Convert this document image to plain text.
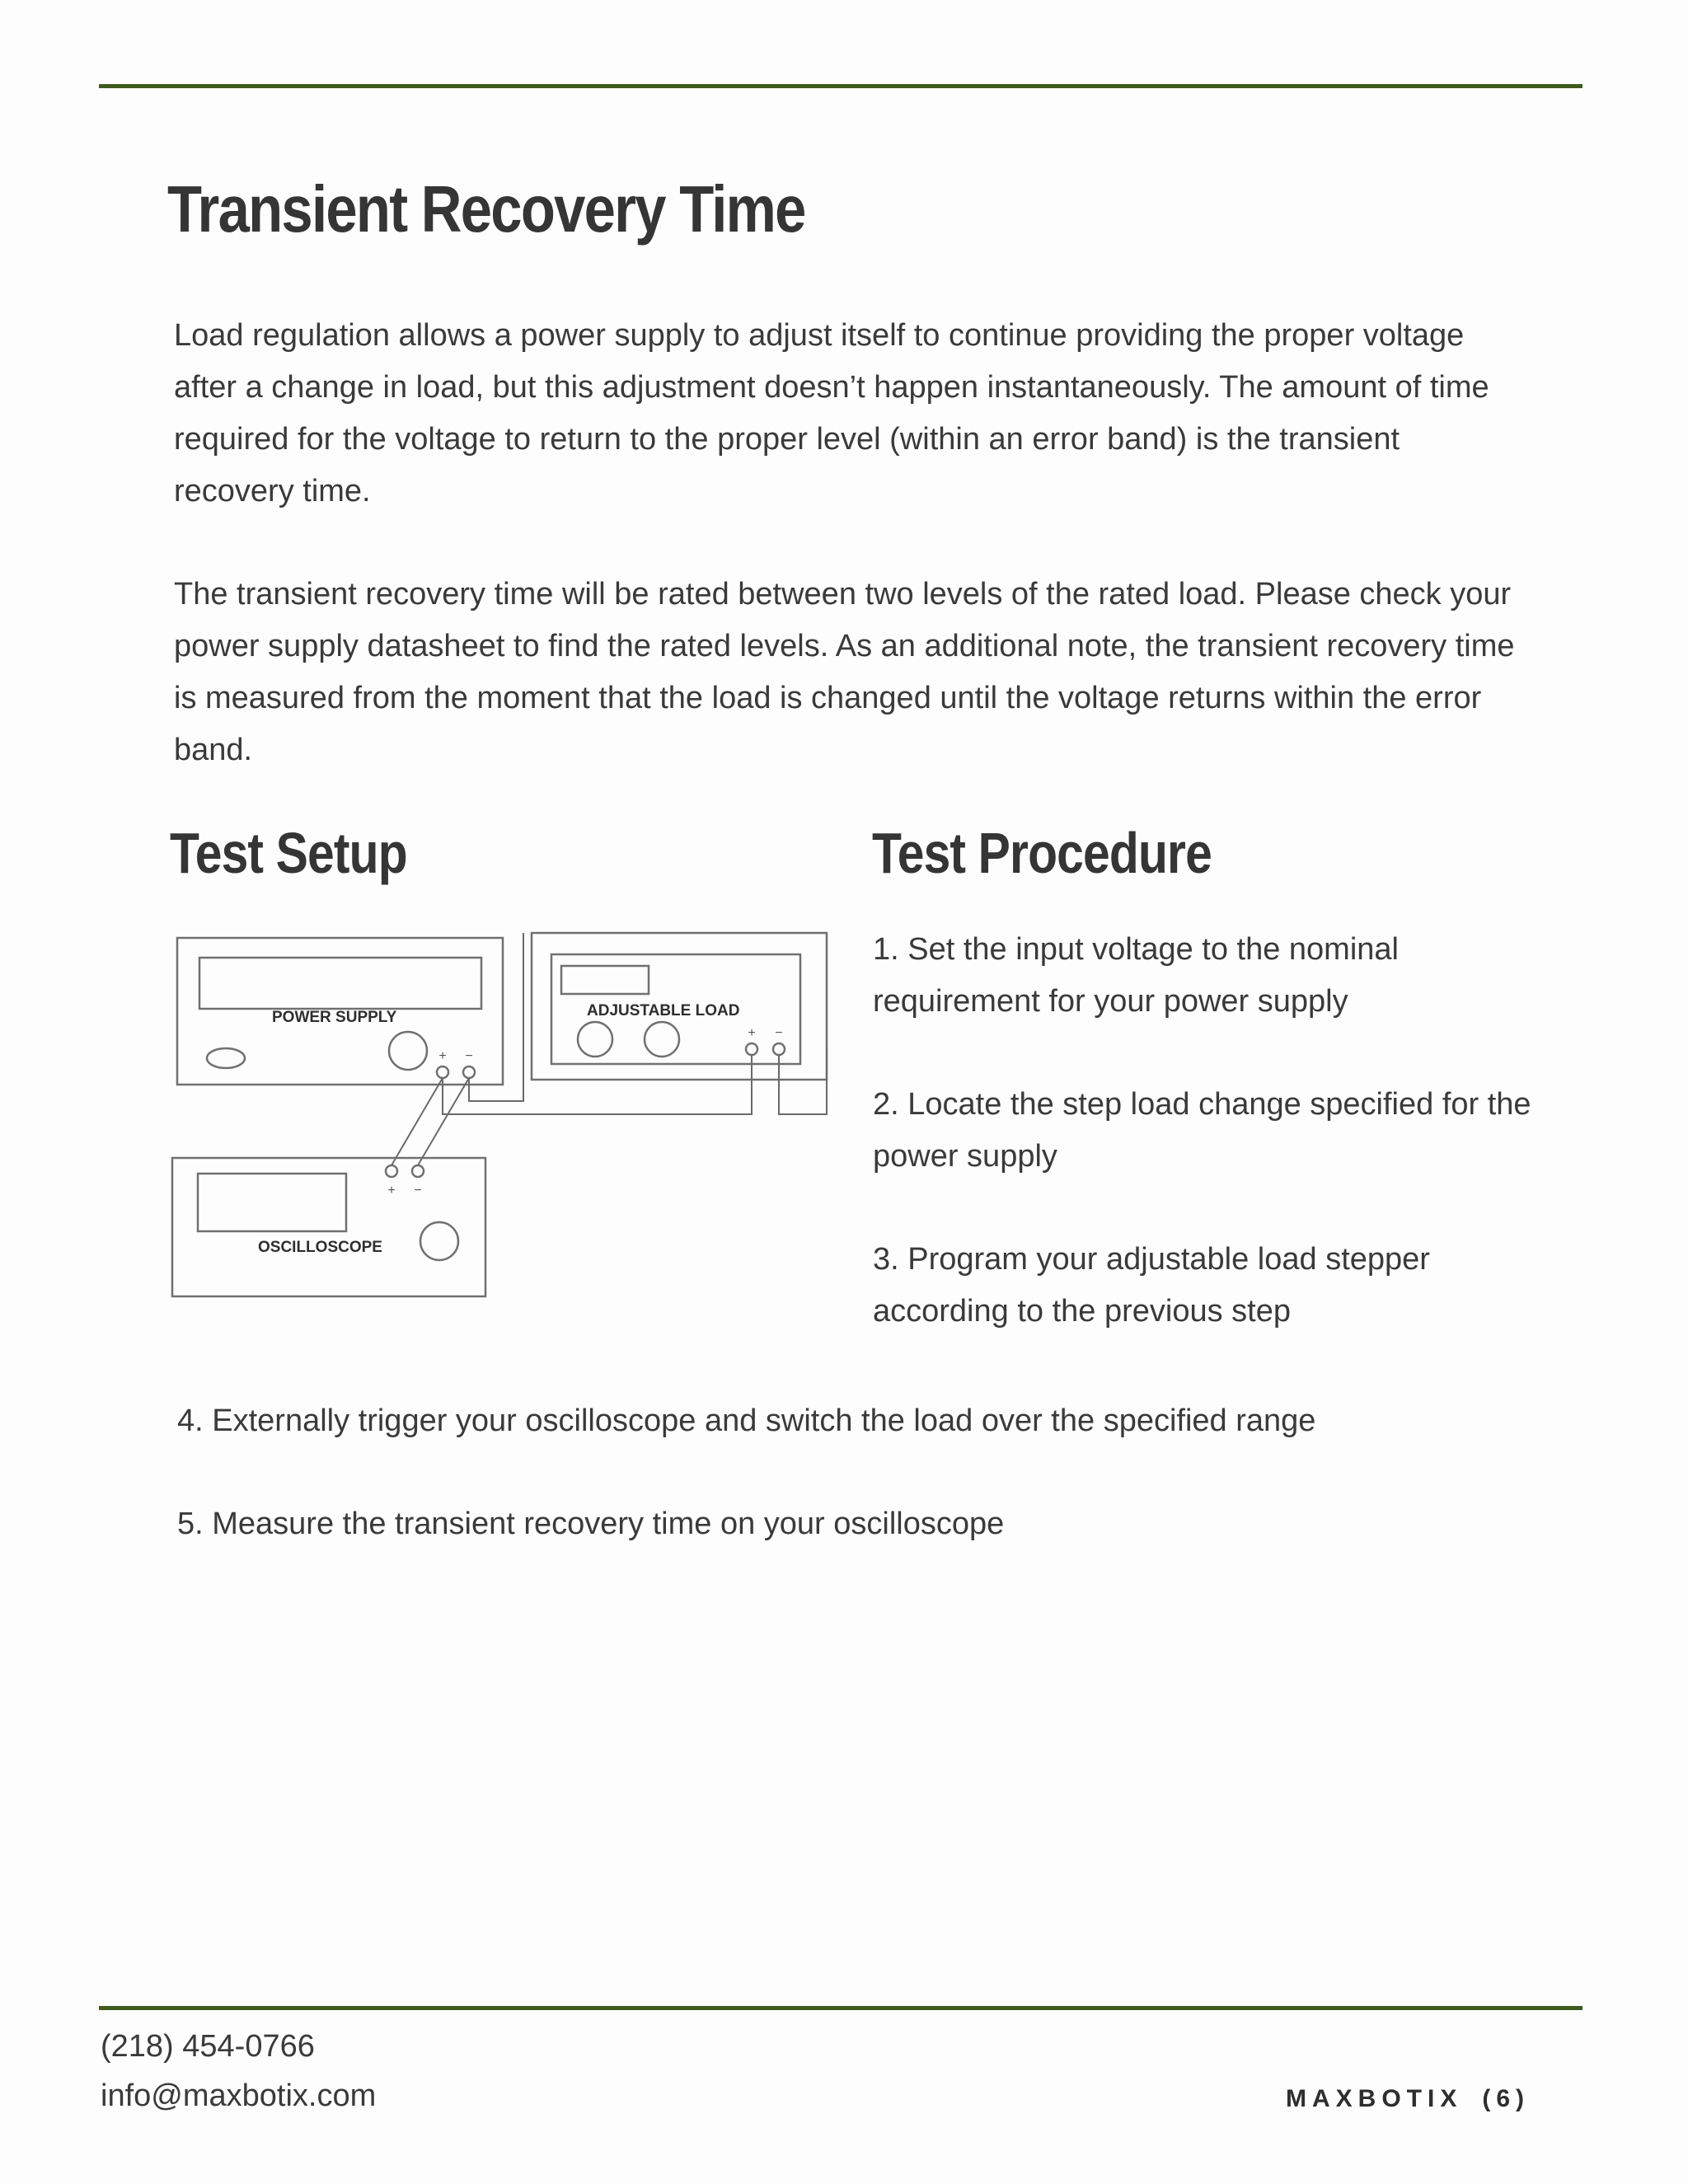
Transient Recovery Time

Load regulation allows a power supply to adjust itself to continue providing the proper voltage after a change in load, but this adjustment doesn’t happen instantaneously. The amount of time required for the voltage to return to the proper level (within an error band) is the transient recovery time.

The transient recovery time will be rated between two levels of the rated load. Please check your power supply datasheet to find the rated levels. As an additional note, the transient recovery time is measured from the moment that the load is changed until the voltage returns within the error band.

Test Setup	Test Procedure
POWER SUPPLY	ADJUSTABLE LOAD
OSCILLOSCOPE
+ −
+ −
+ −

1. Set the input voltage to the nominal requirement for your power supply

2. Locate the step load change specified for the power supply

3. Program your adjustable load stepper according to the previous step

4. Externally trigger your oscilloscope and switch the load over the specified range

5. Measure the transient recovery time on your oscilloscope

(218) 454-0766

info@maxbotix.com	MAXBOTIX (6)
